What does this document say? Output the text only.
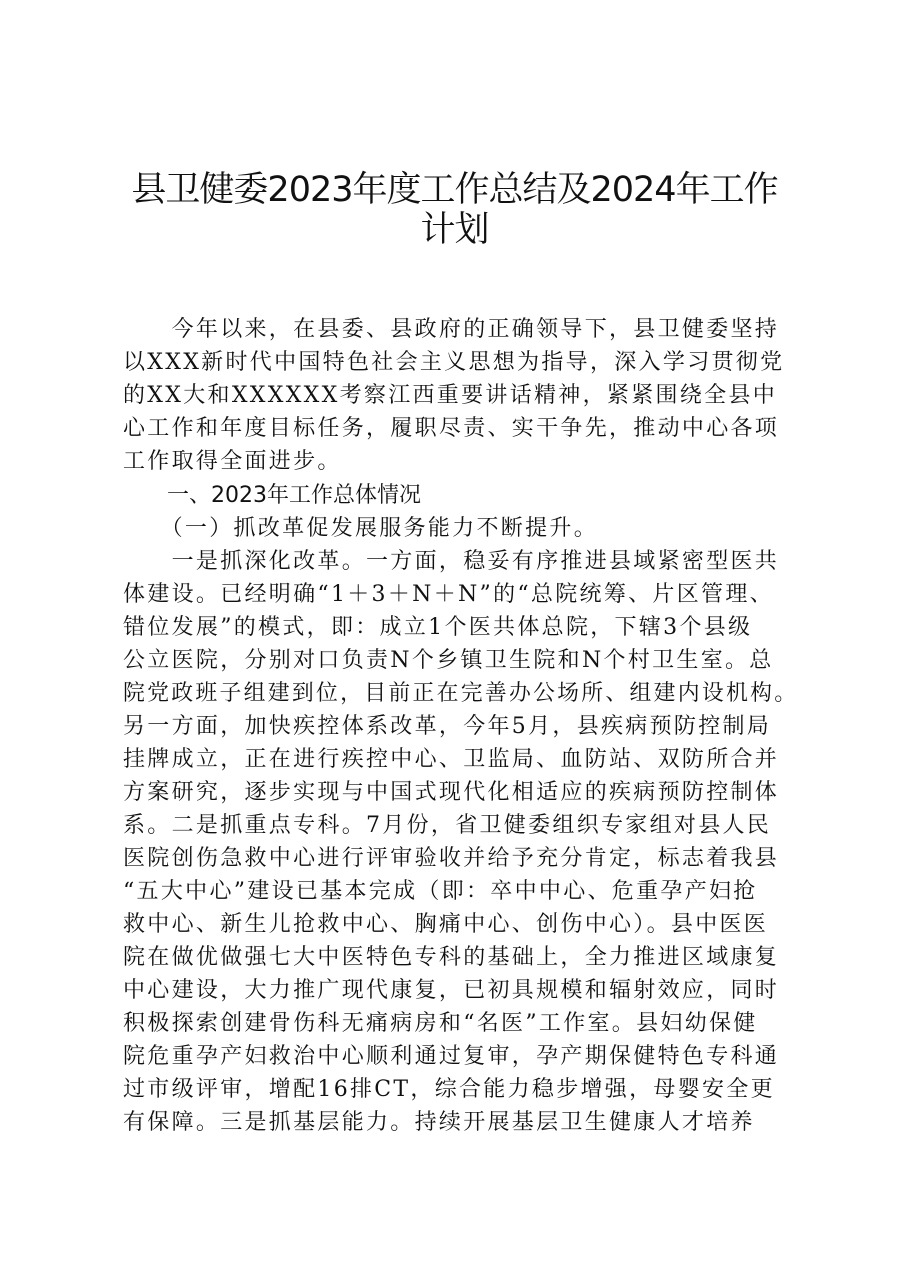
县卫健委2023年度工作总结及2024年工作
计划
　　今年以来，在县委、县政府的正确领导下，县卫健委坚持
以XXX新时代中国特色社会主义思想为指导，深入学习贯彻党
的XX大和XXXXXX考察江西重要讲话精神，紧紧围绕全县中
心工作和年度目标任务，履职尽责、实干争先，推动中心各项
工作取得全面进步。
　　一、2023年工作总体情况
　　（一）抓改革促发展服务能力不断提升。
　　一是抓深化改革。一方面，稳妥有序推进县域紧密型医共
体建设。已经明确“1＋3＋N＋N”的“总院统筹、片区管理、
错位发展”的模式，即：成立1个医共体总院，下辖3个县级
公立医院，分别对口负责N个乡镇卫生院和N个村卫生室。总
院党政班子组建到位，目前正在完善办公场所、组建内设机构。
另一方面，加快疾控体系改革，今年5月，县疾病预防控制局
挂牌成立，正在进行疾控中心、卫监局、血防站、双防所合并
方案研究，逐步实现与中国式现代化相适应的疾病预防控制体
系。二是抓重点专科。7月份，省卫健委组织专家组对县人民
医院创伤急救中心进行评审验收并给予充分肯定，标志着我县
“五大中心”建设已基本完成（即：卒中中心、危重孕产妇抢
救中心、新生儿抢救中心、胸痛中心、创伤中心）。县中医医
院在做优做强七大中医特色专科的基础上，全力推进区域康复
中心建设，大力推广现代康复，已初具规模和辐射效应，同时
积极探索创建骨伤科无痛病房和“名医”工作室。县妇幼保健
院危重孕产妇救治中心顺利通过复审，孕产期保健特色专科通
过市级评审，增配16排CT，综合能力稳步增强，母婴安全更
有保障。三是抓基层能力。持续开展基层卫生健康人才培养
